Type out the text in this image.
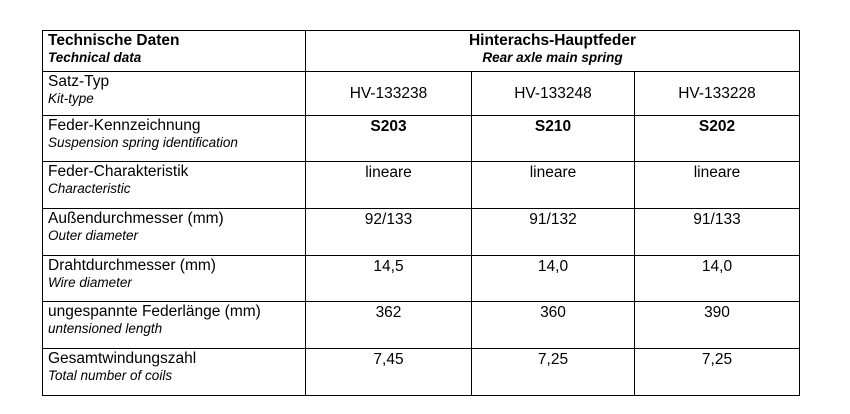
Technische Daten
Technical data	Hinterachs-Hauptfeder
Rear axle main spring		

Satz-Typ
Kit-type	HV-133238	HV-133248	HV-133228

Feder-Kennzeichnung
Suspension spring identification	S203	S210	S202

Feder-Charakteristik
Characteristic	lineare	lineare	lineare

Außendurchmesser (mm)
Outer diameter	92/133	91/132	91/133

Drahtdurchmesser (mm)
Wire diameter	14,5	14,0	14,0

ungespannte Federlänge (mm)
untensioned length	362	360	390

Gesamtwindungszahl
Total number of coils	7,45	7,25	7,25
